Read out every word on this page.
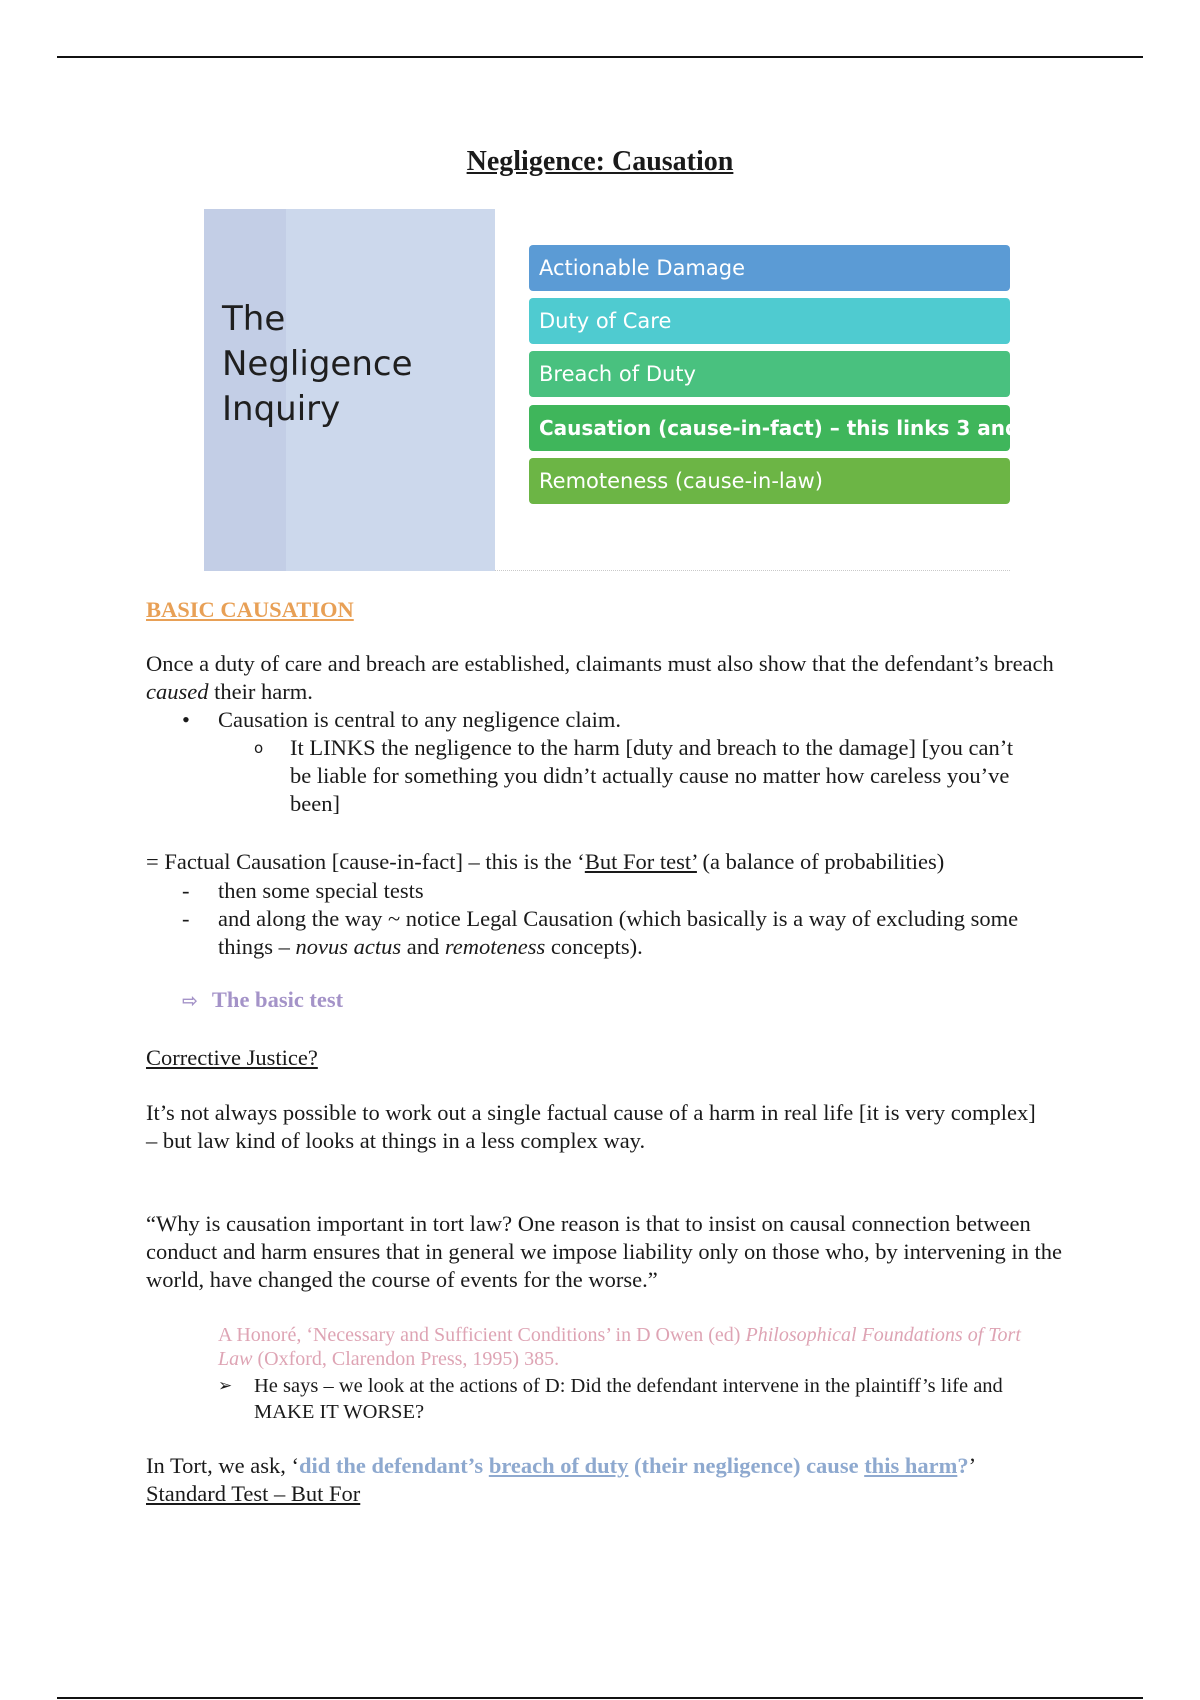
Negligence: Causation
The
Negligence
Inquiry
Actionable Damage
Duty of Care
Breach of Duty
Causation (cause-in-fact) – this links 3 and 1
Remoteness (cause-in-law)
BASIC CAUSATION
Once a duty of care and breach are established, claimants must also show that the defendant’s breach caused their harm.
• Causation is central to any negligence claim.
o It LINKS the negligence to the harm [duty and breach to the damage] [you can’t be liable for something you didn’t actually cause no matter how careless you’ve been]
= Factual Causation [cause-in-fact] – this is the ‘But For test’ (a balance of probabilities)
- then some special tests
- and along the way ~ notice Legal Causation (which basically is a way of excluding some things – novus actus and remoteness concepts).
⇨ The basic test
Corrective Justice?
It’s not always possible to work out a single factual cause of a harm in real life [it is very complex]
– but law kind of looks at things in a less complex way.
“Why is causation important in tort law? One reason is that to insist on causal connection between conduct and harm ensures that in general we impose liability only on those who, by intervening in the world, have changed the course of events for the worse.”
A Honoré, ‘Necessary and Sufficient Conditions’ in D Owen (ed) Philosophical Foundations of Tort Law (Oxford, Clarendon Press, 1995) 385.
➢ He says – we look at the actions of D: Did the defendant intervene in the plaintiff’s life and MAKE IT WORSE?
In Tort, we ask, ‘did the defendant’s breach of duty (their negligence) cause this harm?’
Standard Test – But For
